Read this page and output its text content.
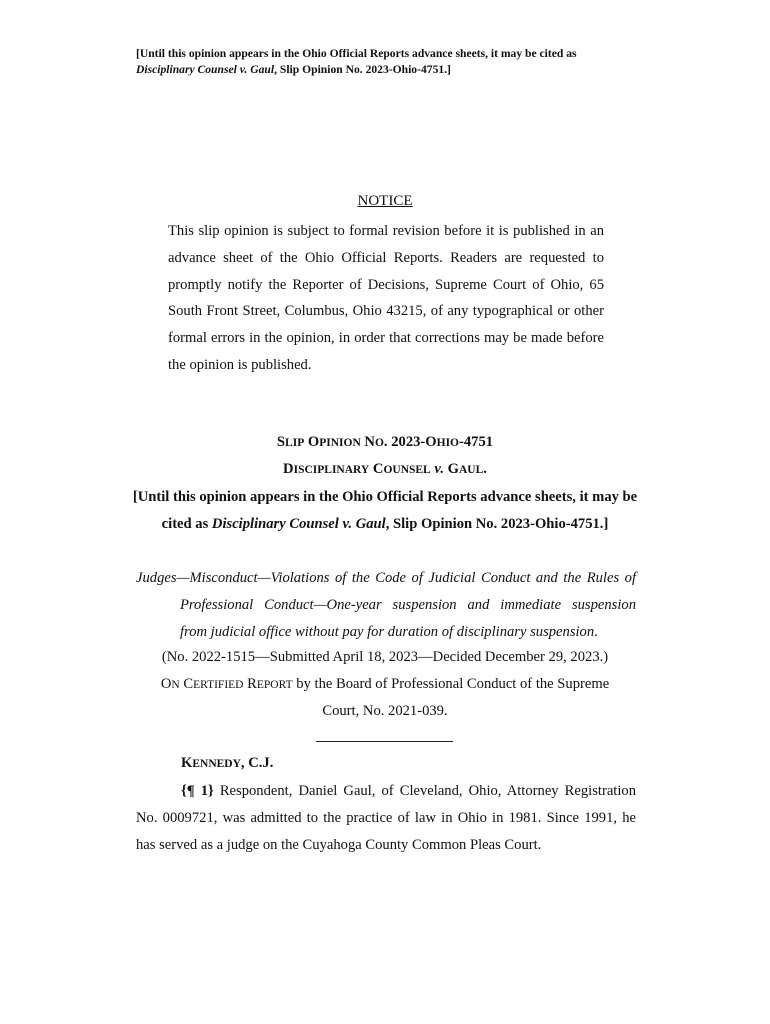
[Until this opinion appears in the Ohio Official Reports advance sheets, it may be cited as Disciplinary Counsel v. Gaul, Slip Opinion No. 2023-Ohio-4751.]
NOTICE
This slip opinion is subject to formal revision before it is published in an advance sheet of the Ohio Official Reports. Readers are requested to promptly notify the Reporter of Decisions, Supreme Court of Ohio, 65 South Front Street, Columbus, Ohio 43215, of any typographical or other formal errors in the opinion, in order that corrections may be made before the opinion is published.
SLIP OPINION NO. 2023-OHIO-4751
DISCIPLINARY COUNSEL v. GAUL.
[Until this opinion appears in the Ohio Official Reports advance sheets, it may be cited as Disciplinary Counsel v. Gaul, Slip Opinion No. 2023-Ohio-4751.]
Judges—Misconduct—Violations of the Code of Judicial Conduct and the Rules of
Professional Conduct—One-year suspension and immediate suspension
from judicial office without pay for duration of disciplinary suspension.
(No. 2022-1515—Submitted April 18, 2023—Decided December 29, 2023.)
ON CERTIFIED REPORT by the Board of Professional Conduct of the Supreme
Court, No. 2021-039.
KENNEDY, C.J.
{¶ 1} Respondent, Daniel Gaul, of Cleveland, Ohio, Attorney Registration No. 0009721, was admitted to the practice of law in Ohio in 1981. Since 1991, he has served as a judge on the Cuyahoga County Common Pleas Court.
